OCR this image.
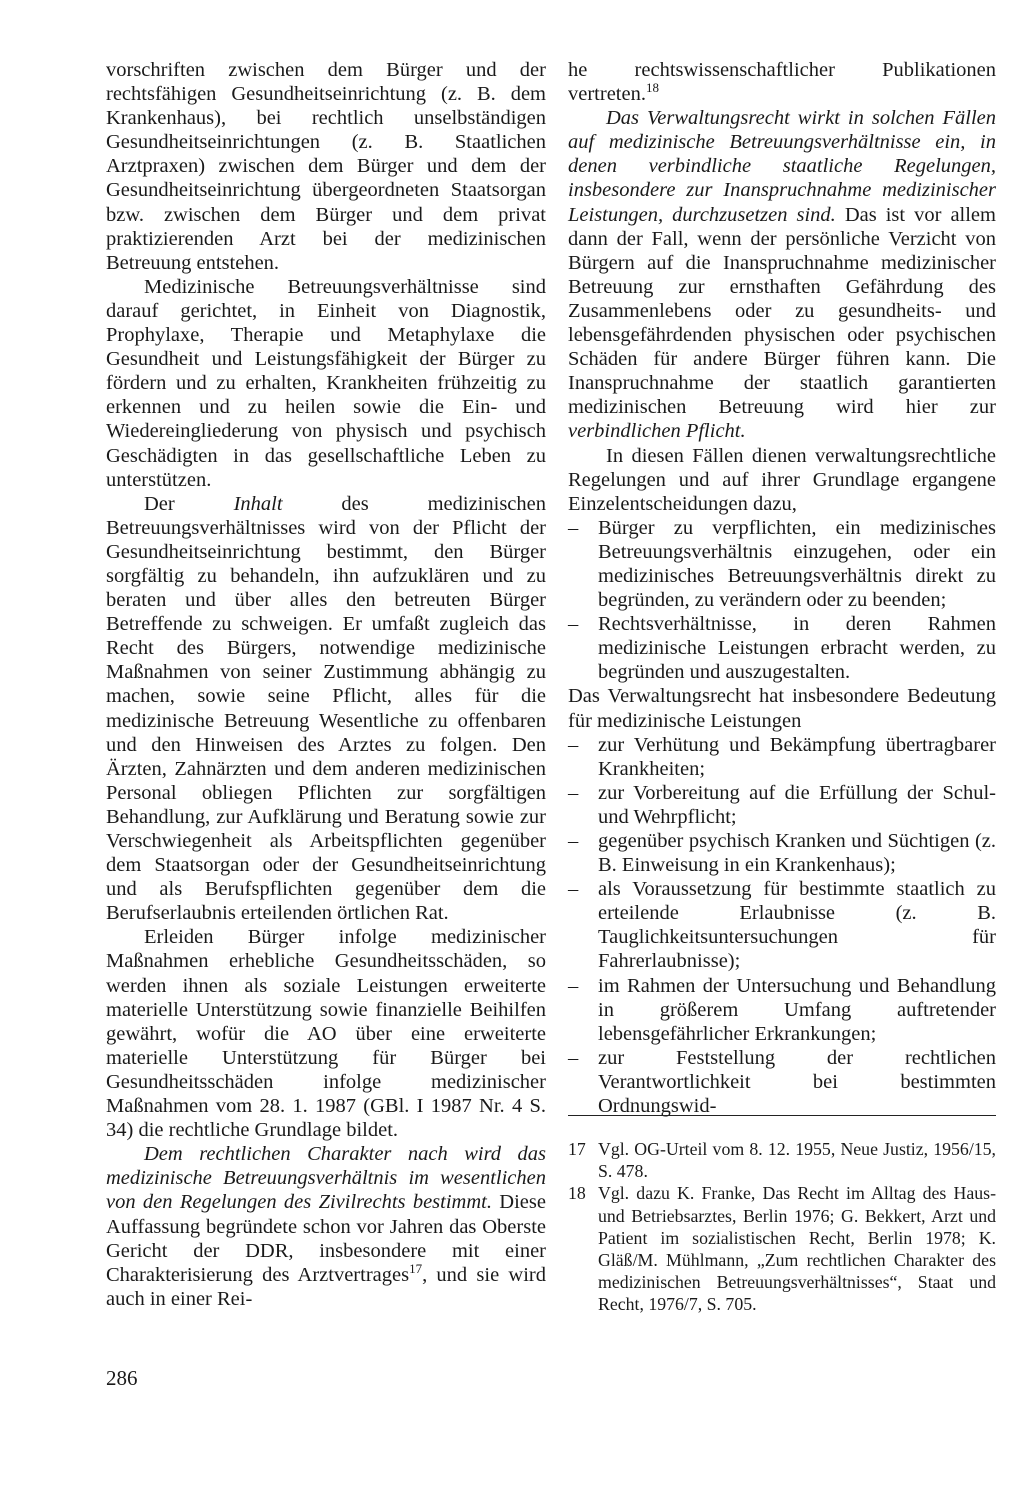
vorschriften zwischen dem Bürger und der rechtsfähigen Gesundheitseinrichtung (z. B. dem Krankenhaus), bei rechtlich unselbständigen Gesundheitseinrichtungen (z. B. Staatlichen Arztpraxen) zwischen dem Bürger und dem der Gesundheitseinrichtung übergeordneten Staatsorgan bzw. zwischen dem Bürger und dem privat praktizierenden Arzt bei der medizinischen Betreuung entstehen.

Medizinische Betreuungsverhältnisse sind darauf gerichtet, in Einheit von Diagnostik, Prophylaxe, Therapie und Metaphylaxe die Gesundheit und Leistungsfähigkeit der Bürger zu fördern und zu erhalten, Krankheiten frühzeitig zu erkennen und zu heilen sowie die Ein- und Wiedereingliederung von physisch und psychisch Geschädigten in das gesellschaftliche Leben zu unterstützen.

Der Inhalt des medizinischen Betreuungsverhältnisses wird von der Pflicht der Gesundheitseinrichtung bestimmt, den Bürger sorgfältig zu behandeln, ihn aufzuklären und zu beraten und über alles den betreuten Bürger Betreffende zu schweigen. Er umfaßt zugleich das Recht des Bürgers, notwendige medizinische Maßnahmen von seiner Zustimmung abhängig zu machen, sowie seine Pflicht, alles für die medizinische Betreuung Wesentliche zu offenbaren und den Hinweisen des Arztes zu folgen. Den Ärzten, Zahnärzten und dem anderen medizinischen Personal obliegen Pflichten zur sorgfältigen Behandlung, zur Aufklärung und Beratung sowie zur Verschwiegenheit als Arbeitspflichten gegenüber dem Staatsorgan oder der Gesundheitseinrichtung und als Berufspflichten gegenüber dem die Berufserlaubnis erteilenden örtlichen Rat.

Erleiden Bürger infolge medizinischer Maßnahmen erhebliche Gesundheitsschäden, so werden ihnen als soziale Leistungen erweiterte materielle Unterstützung sowie finanzielle Beihilfen gewährt, wofür die AO über eine erweiterte materielle Unterstützung für Bürger bei Gesundheitsschäden infolge medizinischer Maßnahmen vom 28. 1. 1987 (GBl. I 1987 Nr. 4 S. 34) die rechtliche Grundlage bildet.

Dem rechtlichen Charakter nach wird das medizinische Betreuungsverhältnis im wesentlichen von den Regelungen des Zivilrechts bestimmt. Diese Auffassung begründete schon vor Jahren das Oberste Gericht der DDR, insbesondere mit einer Charakterisierung des Arztvertrages$^{17}$, und sie wird auch in einer Rei-

he rechtswissenschaftlicher Publikationen vertreten.$^{18}$

Das Verwaltungsrecht wirkt in solchen Fällen auf medizinische Betreuungsverhältnisse ein, in denen verbindliche staatliche Regelungen, insbesondere zur Inanspruchnahme medizinischer Leistungen, durchzusetzen sind. Das ist vor allem dann der Fall, wenn der persönliche Verzicht von Bürgern auf die Inanspruchnahme medizinischer Betreuung zur ernsthaften Gefährdung des Zusammenlebens oder zu gesundheits- und lebensgefährdenden physischen oder psychischen Schäden für andere Bürger führen kann. Die Inanspruchnahme der staatlich garantierten medizinischen Betreuung wird hier zur verbindlichen Pflicht.

In diesen Fällen dienen verwaltungsrechtliche Regelungen und auf ihrer Grundlage ergangene Einzelentscheidungen dazu,

– Bürger zu verpflichten, ein medizinisches Betreuungsverhältnis einzugehen, oder ein medizinisches Betreuungsverhältnis direkt zu begründen, zu verändern oder zu beenden;
– Rechtsverhältnisse, in deren Rahmen medizinische Leistungen erbracht werden, zu begründen und auszugestalten.

Das Verwaltungsrecht hat insbesondere Bedeutung für medizinische Leistungen

– zur Verhütung und Bekämpfung übertragbarer Krankheiten;
– zur Vorbereitung auf die Erfüllung der Schul- und Wehrpflicht;
– gegenüber psychisch Kranken und Süchtigen (z. B. Einweisung in ein Krankenhaus);
– als Voraussetzung für bestimmte staatlich zu erteilende Erlaubnisse (z. B. Tauglichkeitsuntersuchungen für Fahrerlaubnisse);
– im Rahmen der Untersuchung und Behandlung in größerem Umfang auftretender lebensgefährlicher Erkrankungen;
– zur Feststellung der rechtlichen Verantwortlichkeit bei bestimmten Ordnungswid-
17 Vgl. OG-Urteil vom 8. 12. 1955, Neue Justiz, 1956/15, S. 478.
18 Vgl. dazu K. Franke, Das Recht im Alltag des Haus- und Betriebsarztes, Berlin 1976; G. Bekkert, Arzt und Patient im sozialistischen Recht, Berlin 1978; K. Gläß/M. Mühlmann, „Zum rechtlichen Charakter des medizinischen Betreuungsverhältnisses“, Staat und Recht, 1976/7, S. 705.
286
